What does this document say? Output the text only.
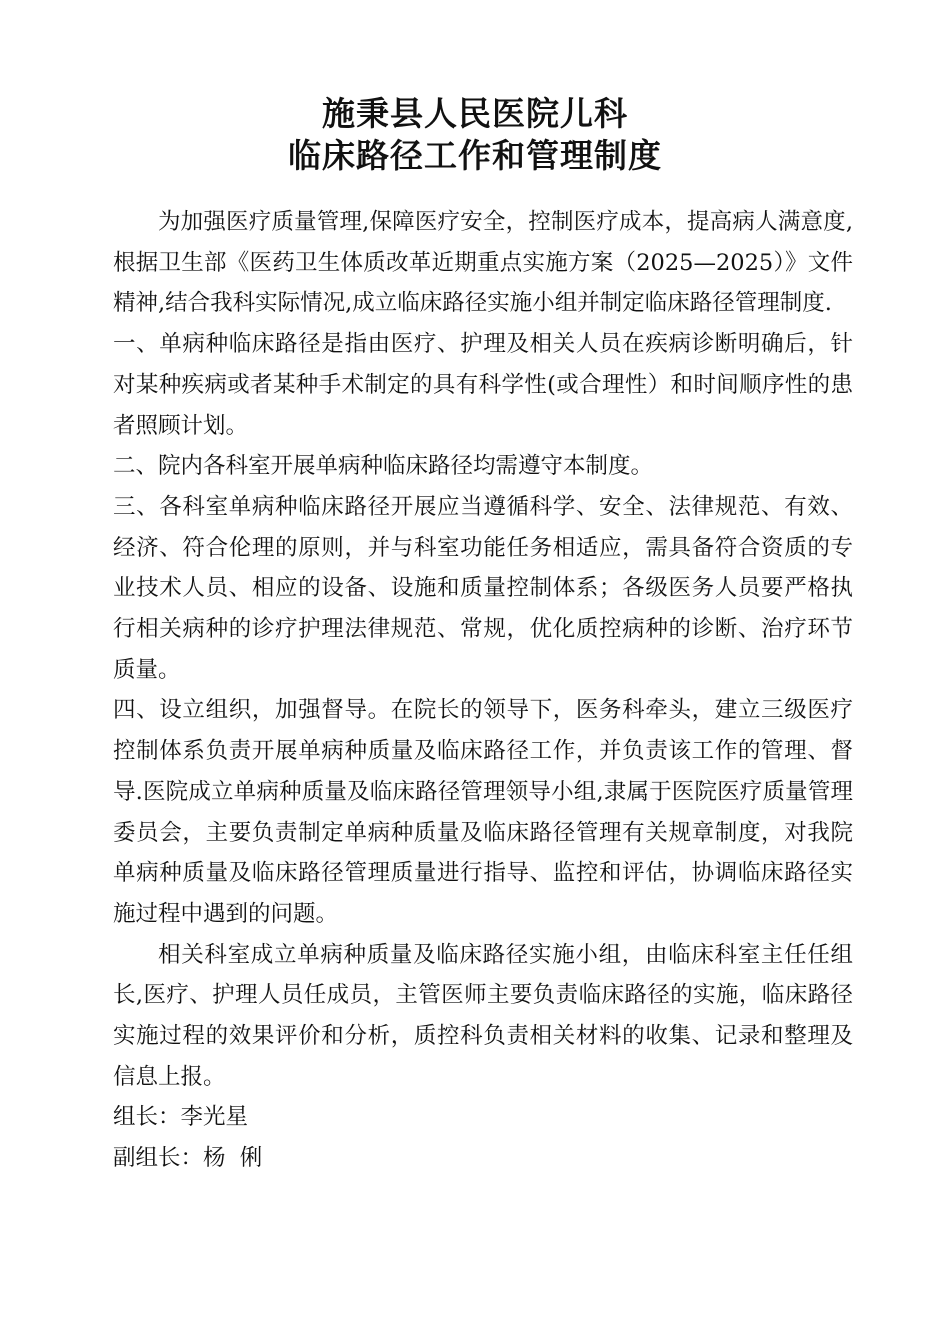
施秉县人民医院儿科
临床路径工作和管理制度

为加强医疗质量管理,保障医疗安全，控制医疗成本，提高病人满意度,根据卫生部《医药卫生体质改革近期重点实施方案（2025—2025）》文件精神,结合我科实际情况,成立临床路径实施小组并制定临床路径管理制度.

一、单病种临床路径是指由医疗、护理及相关人员在疾病诊断明确后，针对某种疾病或者某种手术制定的具有科学性(或合理性）和时间顺序性的患者照顾计划。

二、院内各科室开展单病种临床路径均需遵守本制度。

三、各科室单病种临床路径开展应当遵循科学、安全、法律规范、有效、经济、符合伦理的原则，并与科室功能任务相适应，需具备符合资质的专业技术人员、相应的设备、设施和质量控制体系；各级医务人员要严格执行相关病种的诊疗护理法律规范、常规，优化质控病种的诊断、治疗环节质量。

四、设立组织，加强督导。在院长的领导下，医务科牵头，建立三级医疗控制体系负责开展单病种质量及临床路径工作，并负责该工作的管理、督导.医院成立单病种质量及临床路径管理领导小组,隶属于医院医疗质量管理委员会，主要负责制定单病种质量及临床路径管理有关规章制度，对我院单病种质量及临床路径管理质量进行指导、监控和评估，协调临床路径实施过程中遇到的问题。

相关科室成立单病种质量及临床路径实施小组，由临床科室主任任组长,医疗、护理人员任成员，主管医师主要负责临床路径的实施，临床路径实施过程的效果评价和分析，质控科负责相关材料的收集、记录和整理及信息上报。

组长：李光星

副组长：杨  俐
